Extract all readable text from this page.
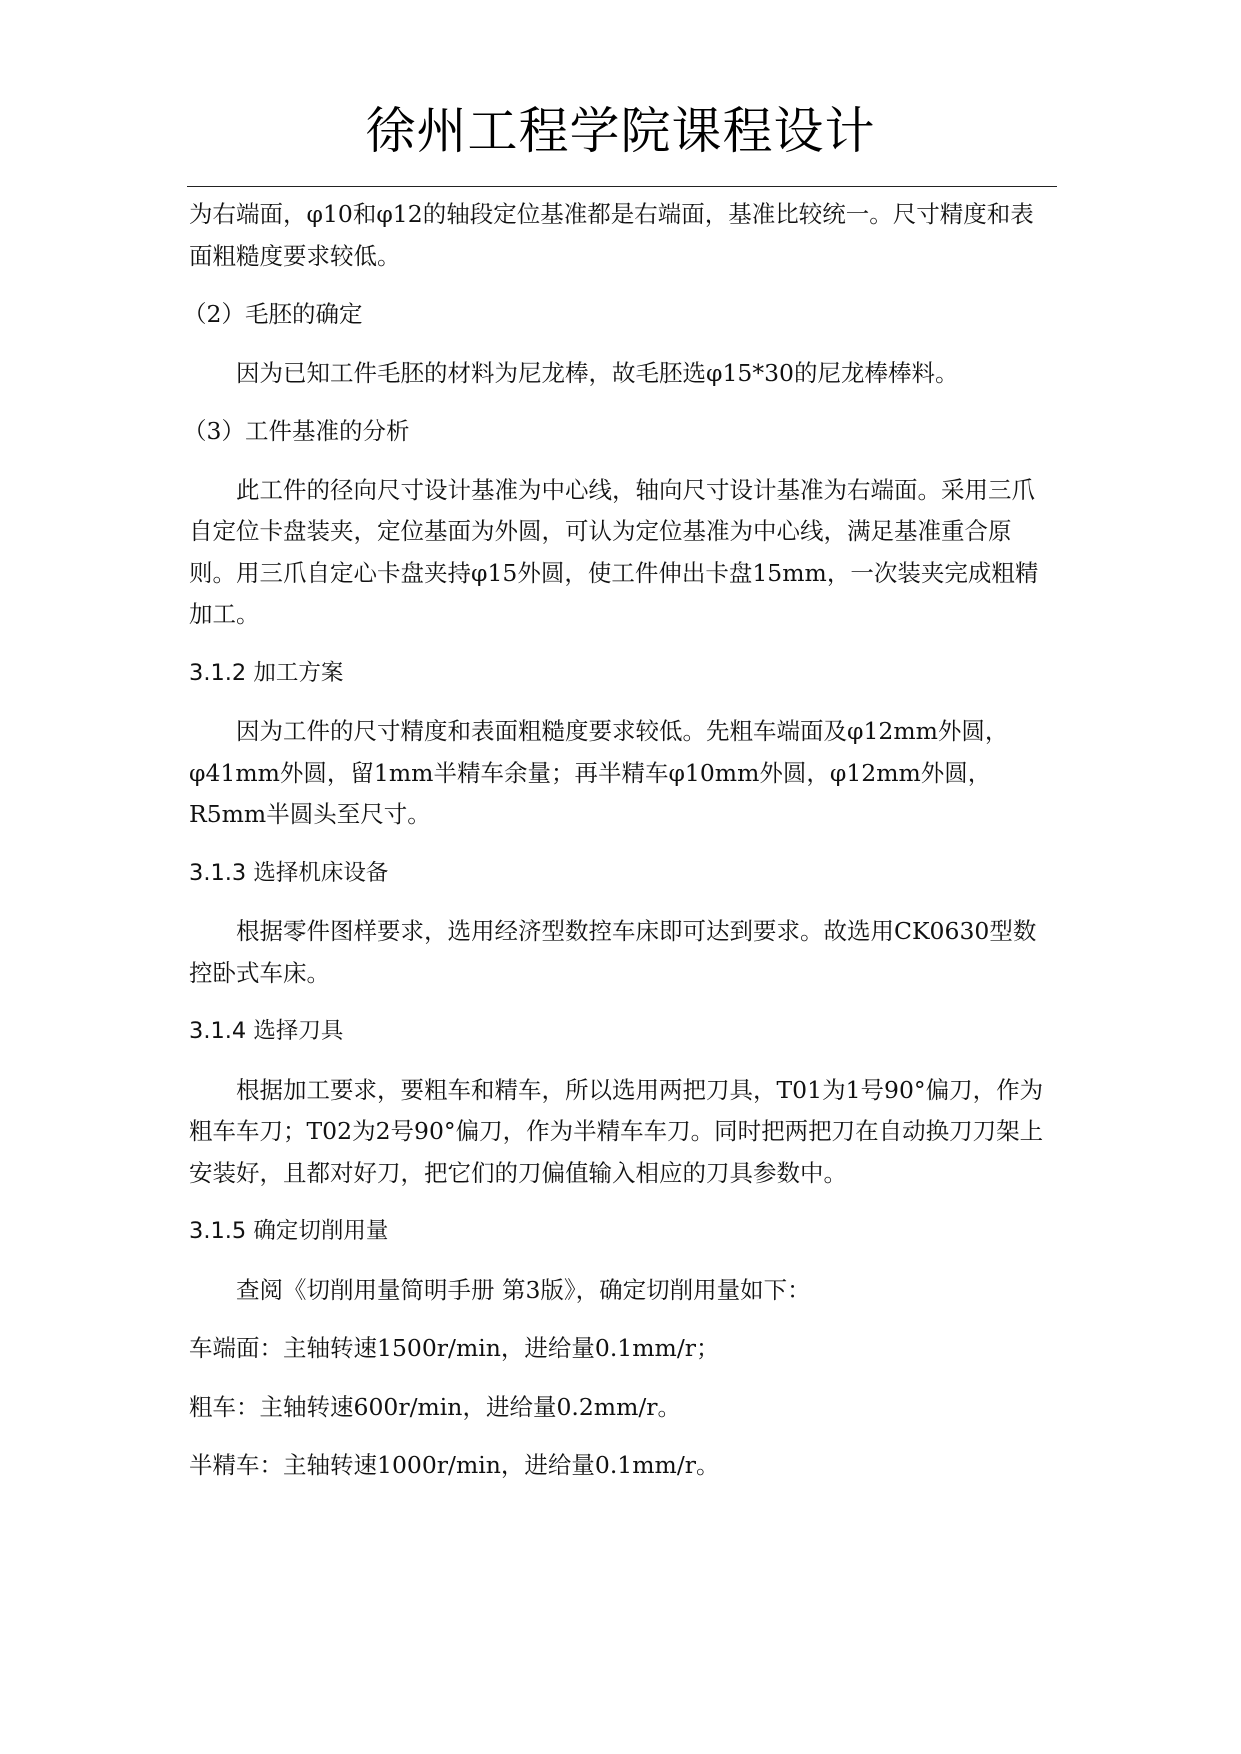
徐州工程学院课程设计

为右端面，φ10和φ12的轴段定位基准都是右端面，基准比较统一。尺寸精度和表面粗糙度要求较低。

（2）毛胚的确定

因为已知工件毛胚的材料为尼龙棒，故毛胚选φ15*30的尼龙棒棒料。

（3）工件基准的分析

此工件的径向尺寸设计基准为中心线，轴向尺寸设计基准为右端面。采用三爪自定位卡盘装夹，定位基面为外圆，可认为定位基准为中心线，满足基准重合原则。用三爪自定心卡盘夹持φ15外圆，使工件伸出卡盘15mm，一次装夹完成粗精加工。

3.1.2 加工方案

因为工件的尺寸精度和表面粗糙度要求较低。先粗车端面及φ12mm外圆，φ41mm外圆，留1mm半精车余量；再半精车φ10mm外圆，φ12mm外圆，R5mm半圆头至尺寸。

3.1.3 选择机床设备

根据零件图样要求，选用经济型数控车床即可达到要求。故选用CK0630型数控卧式车床。

3.1.4 选择刀具

根据加工要求，要粗车和精车，所以选用两把刀具，T01为1号90°偏刀，作为粗车车刀；T02为2号90°偏刀，作为半精车车刀。同时把两把刀在自动换刀刀架上安装好，且都对好刀，把它们的刀偏值输入相应的刀具参数中。

3.1.5 确定切削用量

查阅《切削用量简明手册 第3版》，确定切削用量如下：

车端面：主轴转速1500r/min，进给量0.1mm/r；

粗车：主轴转速600r/min，进给量0.2mm/r。

半精车：主轴转速1000r/min，进给量0.1mm/r。
